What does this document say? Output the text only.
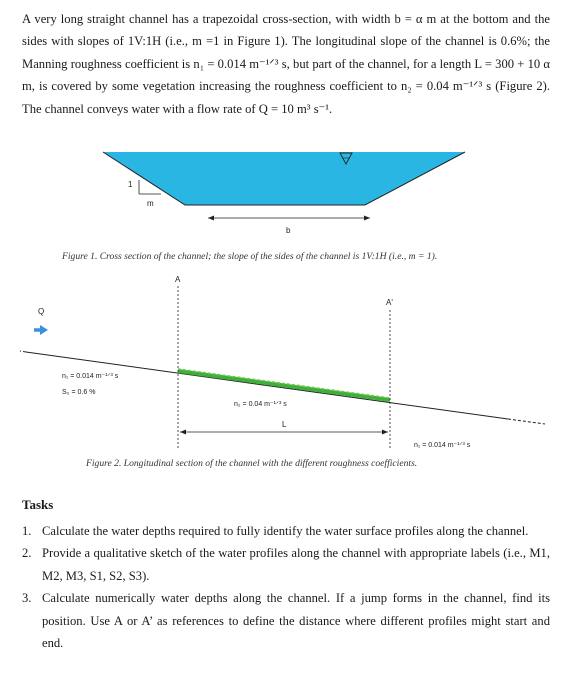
A very long straight channel has a trapezoidal cross-section, with width b = α m at the bottom and the sides with slopes of 1V:1H (i.e., m =1 in Figure 1). The longitudinal slope of the channel is 0.6%; the Manning roughness coefficient is n₁ = 0.014 m⁻¹ᐟ³ s, but part of the channel, for a length L = 300 + 10 α m, is covered by some vegetation increasing the roughness coefficient to n₂ = 0.04 m⁻¹ᐟ³ s (Figure 2). The channel conveys water with a flow rate of Q = 10 m³ s⁻¹.

1
m
b
Figure 1. Cross section of the channel; the slope of the sides of the channel is 1V:1H (i.e., m = 1).
A
A'
Q
n₁ = 0.014 m⁻¹ᐟ³ s
S₀ = 0.6 %
n₂ = 0.04 m⁻¹ᐟ³ s
L
n₁ = 0.014 m⁻¹ᐟ³ s
Figure 2. Longitudinal section of the channel with the different roughness coefficients.
Tasks
1. Calculate the water depths required to fully identify the water surface profiles along the channel.
2. Provide a qualitative sketch of the water profiles along the channel with appropriate labels (i.e., M1, M2, M3, S1, S2, S3).
3. Calculate numerically water depths along the channel. If a jump forms in the channel, find its position. Use A or A’ as references to define the distance where different profiles might start and end.
